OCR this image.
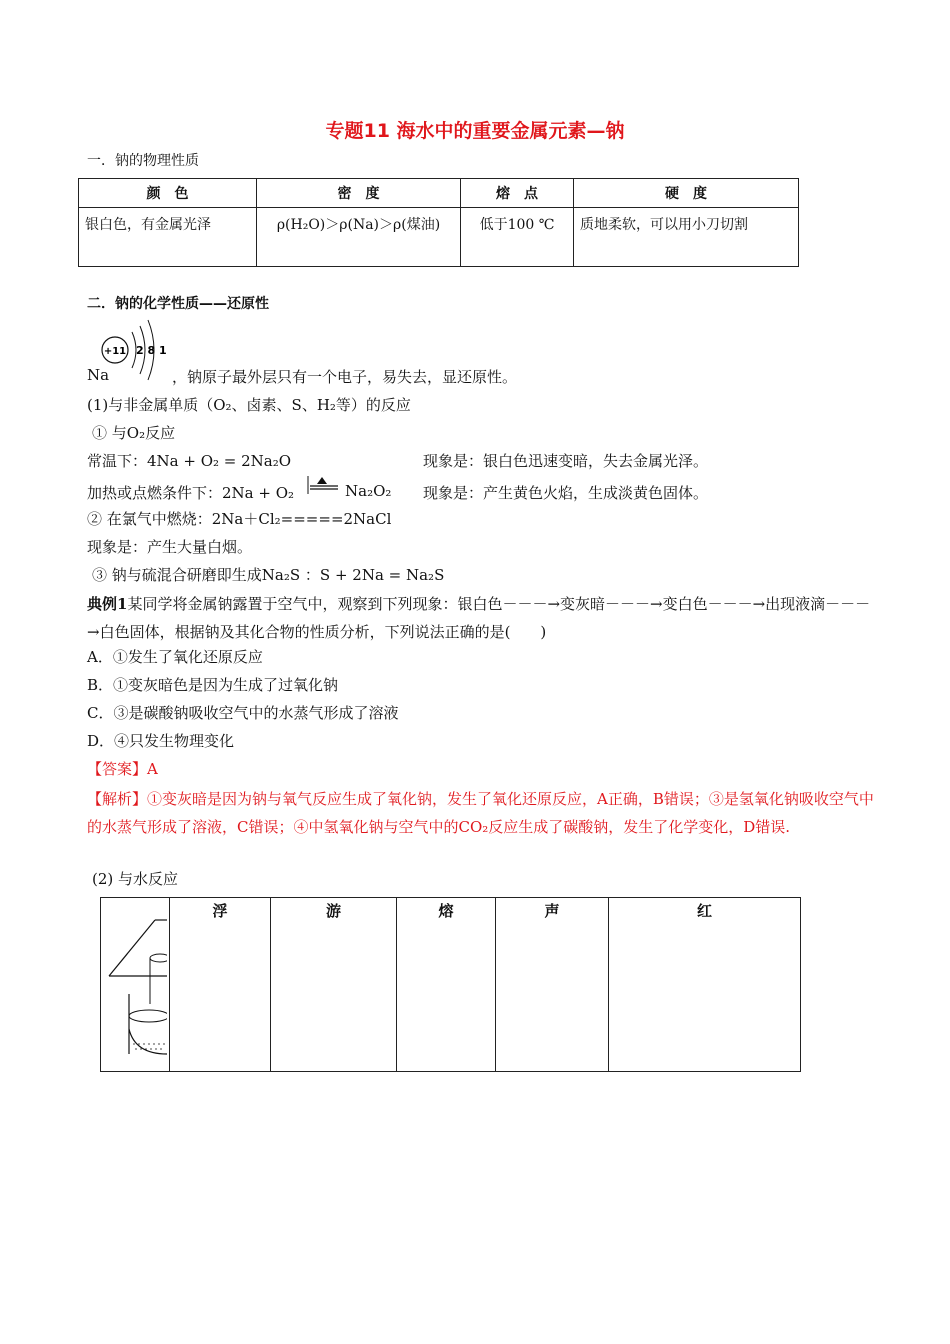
专题11 海水中的重要金属元素—钠
一．钠的物理性质
颜　色	密　度	熔　点	硬　度
银白色，有金属光泽	ρ(H₂O)＞ρ(Na)＞ρ(煤油)	低于100 ℃	质地柔软，可以用小刀切割
二．钠的化学性质——还原性
+11 2 8 1
Na	，钠原子最外层只有一个电子，易失去，显还原性。
(1)与非金属单质（O₂、卤素、S、H₂等）的反应
① 与O₂反应
常温下：4Na + O₂ = 2Na₂O	现象是：银白色迅速变暗，失去金属光泽。
加热或点燃条件下：2Na + O₂	Na₂O₂ 现象是：产生黄色火焰，生成淡黄色固体。
② 在氯气中燃烧：2Na＋Cl₂=====2NaCl
现象是：产生大量白烟。
③ 钠与硫混合研磨即生成Na₂S ：S + 2Na = Na₂S
典例1某同学将金属钠露置于空气中，观察到下列现象：银白色－－－→变灰暗－－－→变白色－－－→出现液滴－－－→白色固体，根据钠及其化合物的性质分析，下列说法正确的是(　　)
A．①发生了氧化还原反应
B．①变灰暗色是因为生成了过氧化钠
C．③是碳酸钠吸收空气中的水蒸气形成了溶液
D．④只发生物理变化
【答案】A
【解析】①变灰暗是因为钠与氧气反应生成了氧化钠，发生了氧化还原反应，A正确，B错误；③是氢氧化钠吸收空气中的水蒸气形成了溶液，C错误；④中氢氧化钠与空气中的CO₂反应生成了碳酸钠，发生了化学变化，D错误.
(2) 与水反应
浮	游	熔	声	红
